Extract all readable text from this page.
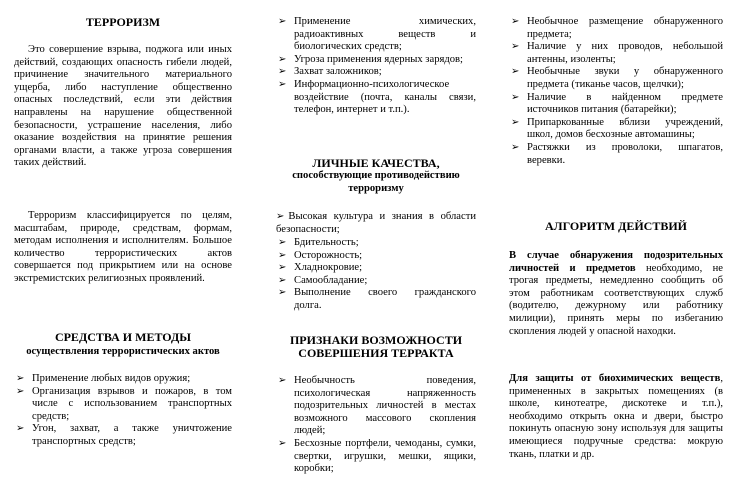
ТЕРРОРИЗМ
Это совершение взрыва, поджога или иных действий, создающих опасность гибели людей, причинение значительного материального ущерба, либо наступление общественно опасных последствий, если эти действия направлены на нарушение общественной безопасности, устрашение населения, либо оказание воздействия на принятие решения органами власти, а также угроза совершения таких действий.
Терроризм классифицируется по целям, масштабам, природе, средствам, формам, методам исполнения и исполнителям. Большое количество террористических актов совершается под прикрытием или на основе экстремистских религиозных проявлений.
СРЕДСТВА И МЕТОДЫ
осуществления террористических актов
➢ Применение любых видов оружия;
➢ Организация взрывов и пожаров, в том числе с использованием транспортных средств;
➢ Угон, захват, а также уничтожение транспортных средств;
➢ Применение химических, радиоактивных веществ и биологических средств;
➢ Угроза применения ядерных зарядов;
➢ Захват заложников;
➢ Информационно-психологическое воздействие (почта, каналы связи, телефон, интернет и т.п.).
ЛИЧНЫЕ КАЧЕСТВА,
способствующие противодействию терроризму
➢ Высокая культура и знания в области безопасности;
➢ Бдительность;
➢ Осторожность;
➢ Хладнокровие;
➢ Самообладание;
➢ Выполнение своего гражданского долга.
ПРИЗНАКИ ВОЗМОЖНОСТИ СОВЕРШЕНИЯ ТЕРРАКТА
➢ Необычность поведения, психологическая напряженность подозрительных личностей в местах возможного массового скопления людей;
➢ Бесхозные портфели, чемоданы, сумки, свертки, игрушки, мешки, ящики, коробки;
➢ Необычное размещение обнаруженного предмета;
➢ Наличие у них проводов, небольшой антенны, изоленты;
➢ Необычные звуки у обнаруженного предмета (тиканье часов, щелчки);
➢ Наличие в найденном предмете источников питания (батарейки);
➢ Припаркованные вблизи учреждений, школ, домов бесхозные автомашины;
➢ Растяжки из проволоки, шпагатов, веревки.
АЛГОРИТМ ДЕЙСТВИЙ
В случае обнаружения подозрительных личностей и предметов необходимо, не трогая предметы, немедленно сообщить об этом работникам соответствующих служб (водителю, дежурному или работнику милиции), принять меры по избеганию скопления людей у опасной находки.
Для защиты от биохимических веществ, примененных в закрытых помещениях (в школе, кинотеатре, дискотеке и т.п.), необходимо открыть окна и двери, быстро покинуть опасную зону используя для защиты имеющиеся подручные средства: мокрую ткань, платки и др.
